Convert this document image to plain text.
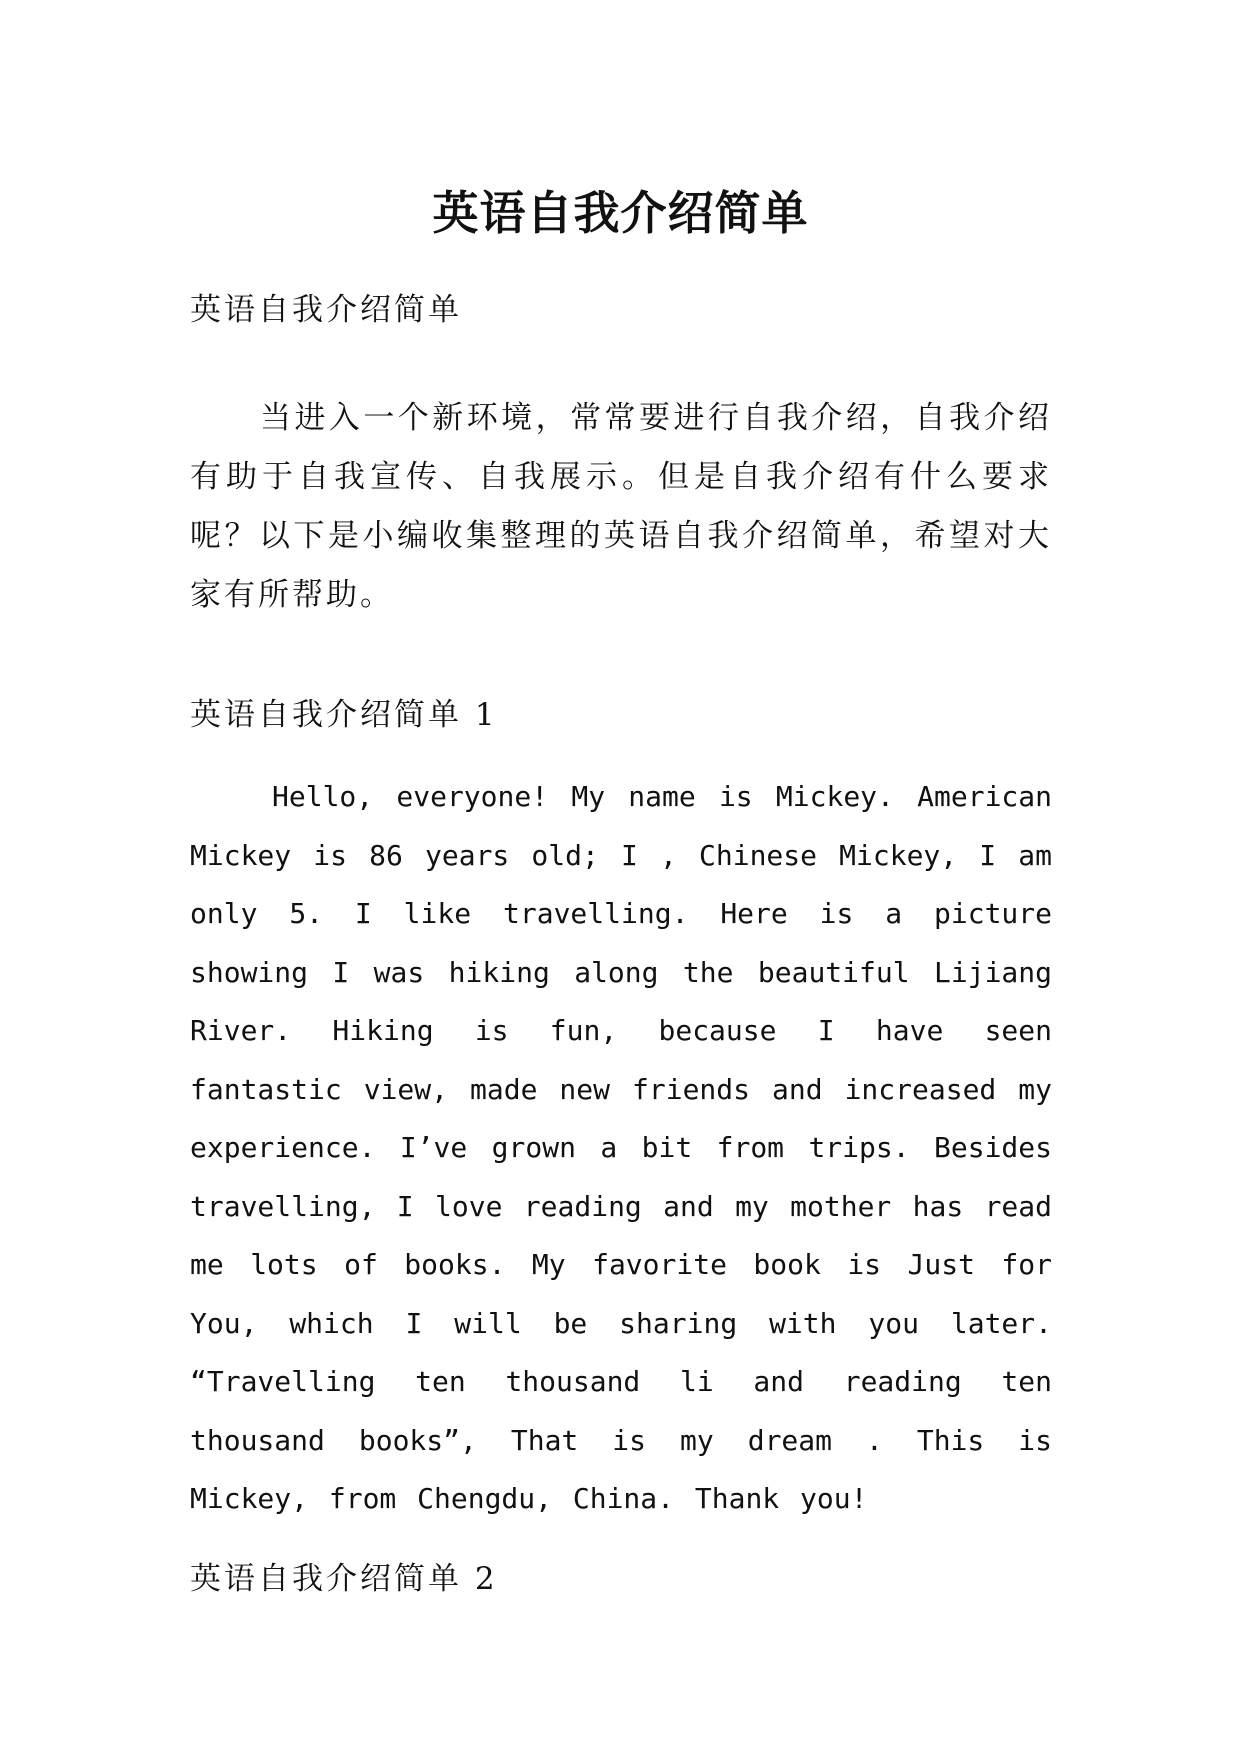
英语自我介绍简单

英语自我介绍简单

当进入一个新环境，常常要进行自我介绍，自我介绍有助于自我宣传、自我展示。但是自我介绍有什么要求呢？以下是小编收集整理的英语自我介绍简单，希望对大家有所帮助。

英语自我介绍简单 1

Hello, everyone! My name is Mickey. American Mickey is 86 years old; I , Chinese Mickey, I am only 5. I like travelling. Here is a picture showing I was hiking along the beautiful Lijiang River. Hiking is fun, because I have seen fantastic view, made new friends and increased my experience. I’ve grown a bit from trips. Besides travelling, I love reading and my mother has read me lots of books. My favorite book is Just for You, which I will be sharing with you later. “Travelling ten thousand li and reading ten thousand books”, That is my dream . This is Mickey, from Chengdu, China. Thank you!

英语自我介绍简单 2
